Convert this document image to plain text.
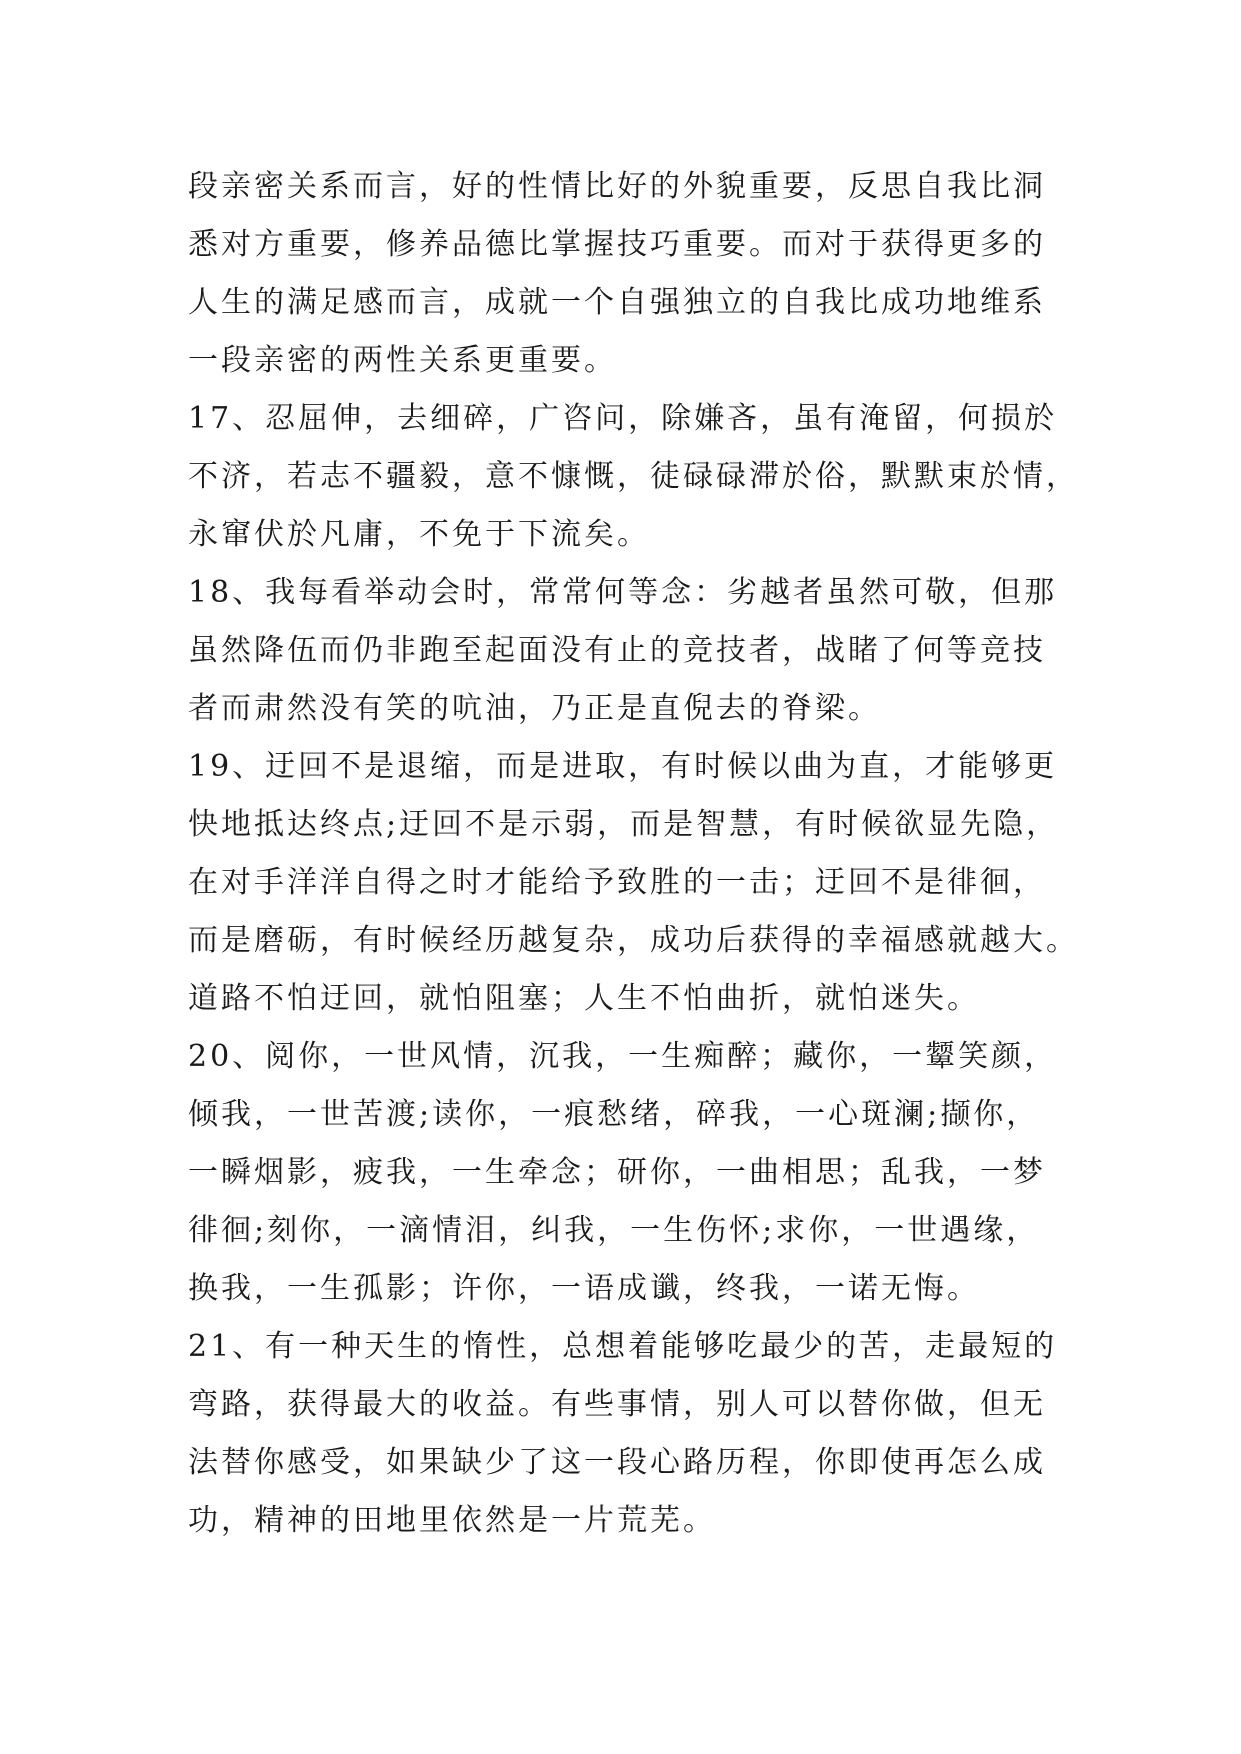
段亲密关系而言，好的性情比好的外貌重要，反思自我比洞
悉对方重要，修养品德比掌握技巧重要。而对于获得更多的
人生的满足感而言，成就一个自强独立的自我比成功地维系
一段亲密的两性关系更重要。
17、忍屈伸，去细碎，广咨问，除嫌吝，虽有淹留，何损於
不济，若志不疆毅，意不慷慨，徒碌碌滞於俗，默默束於情，
永窜伏於凡庸，不免于下流矣。
18、我每看举动会时，常常何等念：劣越者虽然可敬，但那
虽然降伍而仍非跑至起面没有止的竞技者，战睹了何等竞技
者而肃然没有笑的吭油，乃正是直倪去的脊梁。
19、迂回不是退缩，而是进取，有时候以曲为直，才能够更
快地抵达终点;迂回不是示弱，而是智慧，有时候欲显先隐，
在对手洋洋自得之时才能给予致胜的一击；迂回不是徘徊，
而是磨砺，有时候经历越复杂，成功后获得的幸福感就越大。
道路不怕迂回，就怕阻塞；人生不怕曲折，就怕迷失。
20、阅你，一世风情，沉我，一生痴醉；藏你，一颦笑颜，
倾我，一世苦渡;读你，一痕愁绪，碎我，一心斑澜;撷你，
一瞬烟影，疲我，一生牵念；研你，一曲相思；乱我，一梦
徘徊;刻你，一滴情泪，纠我，一生伤怀;求你，一世遇缘，
换我，一生孤影；许你，一语成谶，终我，一诺无悔。
21、有一种天生的惰性，总想着能够吃最少的苦，走最短的
弯路，获得最大的收益。有些事情，别人可以替你做，但无
法替你感受，如果缺少了这一段心路历程，你即使再怎么成
功，精神的田地里依然是一片荒芜。
